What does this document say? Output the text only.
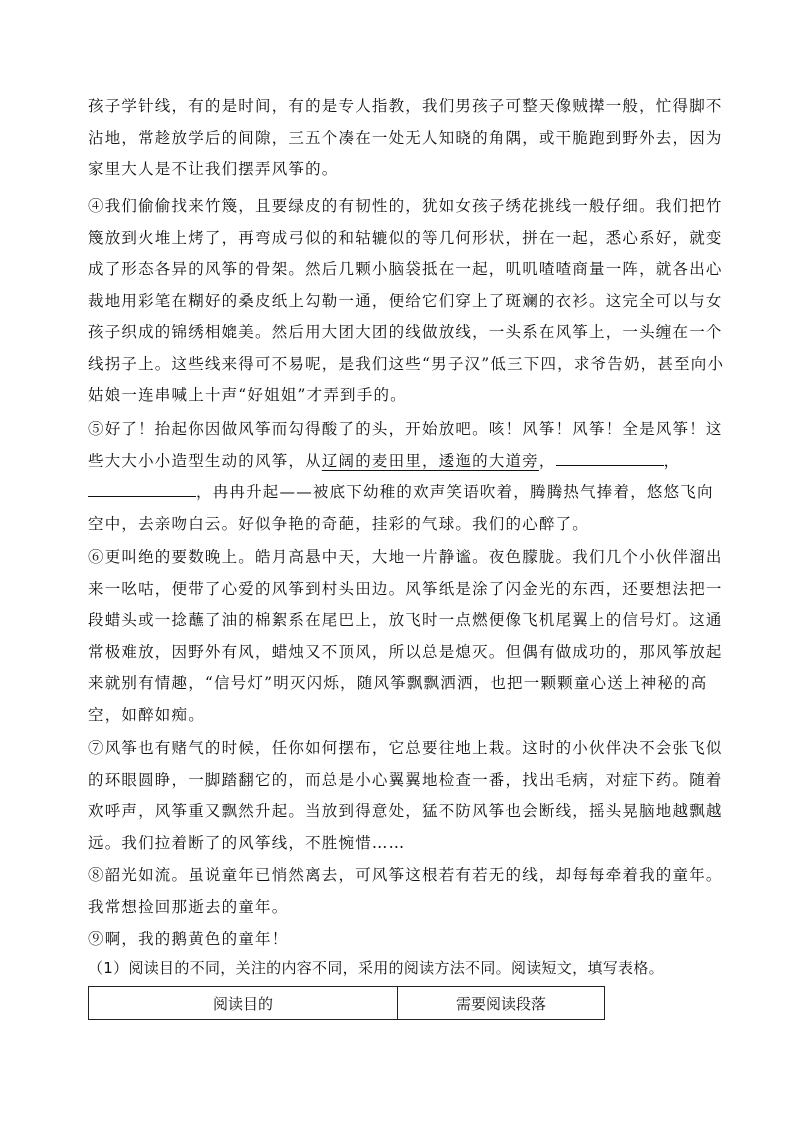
孩子学针线，有的是时间，有的是专人指教，我们男孩子可整天像贼撵一般，忙得脚不沾地，常趁放学后的间隙，三五个凑在一处无人知晓的角隅，或干脆跑到野外去，因为家里大人是不让我们摆弄风筝的。

④我们偷偷找来竹篾，且要绿皮的有韧性的，犹如女孩子绣花挑线一般仔细。我们把竹篾放到火堆上烤了，再弯成弓似的和轱辘似的等几何形状，拼在一起，悉心系好，就变成了形态各异的风筝的骨架。然后几颗小脑袋抵在一起，叽叽喳喳商量一阵，就各出心裁地用彩笔在糊好的桑皮纸上勾勒一通，便给它们穿上了斑斓的衣衫。这完全可以与女孩子织成的锦绣相媲美。然后用大团大团的线做放线，一头系在风筝上，一头缠在一个线拐子上。这些线来得可不易呢，是我们这些“男子汉”低三下四，求爷告奶，甚至向小姑娘一连串喊上十声“好姐姐”才弄到手的。

⑤好了！抬起你因做风筝而勾得酸了的头，开始放吧。咳！风筝！风筝！全是风筝！这些大大小小造型生动的风筝，从辽阔的麦田里，逶迤的大道旁，	，，冉冉升起——被底下幼稚的欢声笑语吹着，腾腾热气捧着，悠悠飞向空中，去亲吻白云。好似争艳的奇葩，挂彩的气球。我们的心醉了。

⑥更叫绝的要数晚上。皓月高悬中天，大地一片静谧。夜色朦胧。我们几个小伙伴溜出来一吆咕，便带了心爱的风筝到村头田边。风筝纸是涂了闪金光的东西，还要想法把一段蜡头或一捻蘸了油的棉絮系在尾巴上，放飞时一点燃便像飞机尾翼上的信号灯。这通常极难放，因野外有风，蜡烛又不顶风，所以总是熄灭。但偶有做成功的，那风筝放起来就别有情趣，“信号灯”明灭闪烁，随风筝飘飘洒洒，也把一颗颗童心送上神秘的高空，如醉如痴。

⑦风筝也有赌气的时候，任你如何摆布，它总要往地上栽。这时的小伙伴决不会张飞似的环眼圆睁，一脚踏翻它的，而总是小心翼翼地检查一番，找出毛病，对症下药。随着欢呼声，风筝重又飘然升起。当放到得意处，猛不防风筝也会断线，摇头晃脑地越飘越远。我们拉着断了的风筝线，不胜惋惜……

⑧韶光如流。虽说童年已悄然离去，可风筝这根若有若无的线，却每每牵着我的童年。我常想捡回那逝去的童年。

⑨啊，我的鹅黄色的童年！

（1）阅读目的不同，关注的内容不同，采用的阅读方法不同。阅读短文，填写表格。
阅读目的	需要阅读段落
